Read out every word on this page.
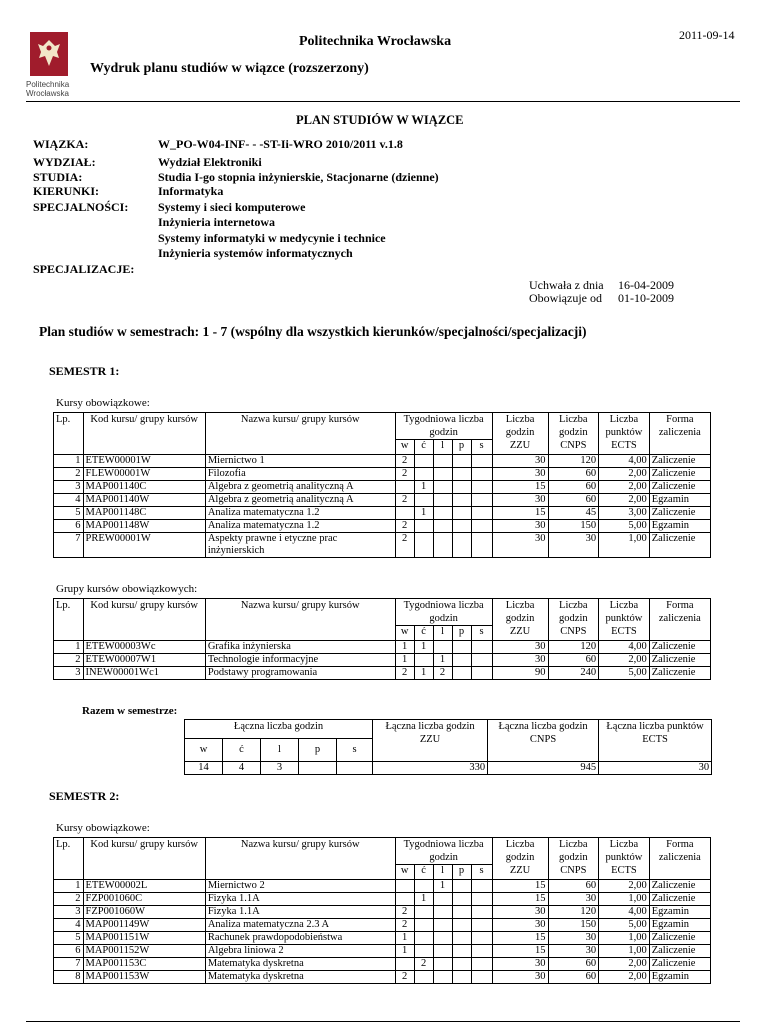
Politechnika
Wrocławska
Politechnika Wrocławska	2011-09-14
Wydruk planu studiów w wiązce (rozszerzony)
PLAN STUDIÓW W WIĄZCE
WIĄZKA:	W_PO-W04-INF- - -ST-Ii-WRO 2010/2011 v.1.8
WYDZIAŁ:	Wydział Elektroniki
STUDIA:	Studia I-go stopnia inżynierskie, Stacjonarne (dzienne)
KIERUNKI:	Informatyka
SPECJALNOŚCI: Systemy i sieci komputerowe
Inżynieria internetowa
Systemy informatyki w medycynie i technice
Inżynieria systemów informatycznych
SPECJALIZACJE:
Uchwała z dnia 16-04-2009
Obowiązuje od 01-10-2009
Plan studiów w semestrach: 1 - 7 (wspólny dla wszystkich kierunków/specjalności/specjalizacji)
SEMESTR 1:
Kursy obowiązkowe:
Lp.	Kod kursu/ grupy kursów	Nazwa kursu/ grupy kursów	Tygodniowa liczba godzin					Liczba godzin ZZU	Liczba godzin CNPS	Liczba punktów ECTS	Forma zaliczenia
			w	ć	l	p	s				
1	ETEW00001W	Miernictwo 1	2					30	120	4,00	Zaliczenie
2	FLEW00001W	Filozofia	2					30	60	2,00	Zaliczenie
3	MAP001140C	Algebra z geometrią analityczną A		1				15	60	2,00	Zaliczenie
4	MAP001140W	Algebra z geometrią analityczną A	2					30	60	2,00	Egzamin
5	MAP001148C	Analiza matematyczna 1.2		1				15	45	3,00	Zaliczenie
6	MAP001148W	Analiza matematyczna 1.2	2					30	150	5,00	Egzamin
7	PREW00001W	Aspekty prawne i etyczne prac inżynierskich	2					30	30	1,00	Zaliczenie
Grupy kursów obowiązkowych:
Lp.	Kod kursu/ grupy kursów	Nazwa kursu/ grupy kursów	Tygodniowa liczba godzin					Liczba godzin ZZU	Liczba godzin CNPS	Liczba punktów ECTS	Forma zaliczenia
			w	ć	l	p	s				
1	ETEW00003Wc	Grafika inżynierska	1	1				30	120	4,00	Zaliczenie
2	ETEW00007W1	Technologie informacyjne	1		1			30	60	2,00	Zaliczenie
3	INEW00001Wc1	Podstawy programowania	2	1	2			90	240	5,00	Zaliczenie
Razem w semestrze:
Łączna liczba godzin					Łączna liczba godzin ZZU	Łączna liczba godzin CNPS	Łączna liczba punktów ECTS
w	ć	l	p	s			
14	4	3			330	945	30
SEMESTR 2:
Kursy obowiązkowe:
Lp.	Kod kursu/ grupy kursów	Nazwa kursu/ grupy kursów	Tygodniowa liczba godzin					Liczba godzin ZZU	Liczba godzin CNPS	Liczba punktów ECTS	Forma zaliczenia
			w	ć	l	p	s				
1	ETEW00002L	Miernictwo 2			1			15	60	2,00	Zaliczenie
2	FZP001060C	Fizyka 1.1A		1				15	30	1,00	Zaliczenie
3	FZP001060W	Fizyka 1.1A	2					30	120	4,00	Egzamin
4	MAP001149W	Analiza matematyczna 2.3 A	2					30	150	5,00	Egzamin
5	MAP001151W	Rachunek prawdopodobieństwa	1					15	30	1,00	Zaliczenie
6	MAP001152W	Algebra liniowa 2	1					15	30	1,00	Zaliczenie
7	MAP001153C	Matematyka dyskretna		2				30	60	2,00	Zaliczenie
8	MAP001153W	Matematyka dyskretna	2					30	60	2,00	Egzamin
